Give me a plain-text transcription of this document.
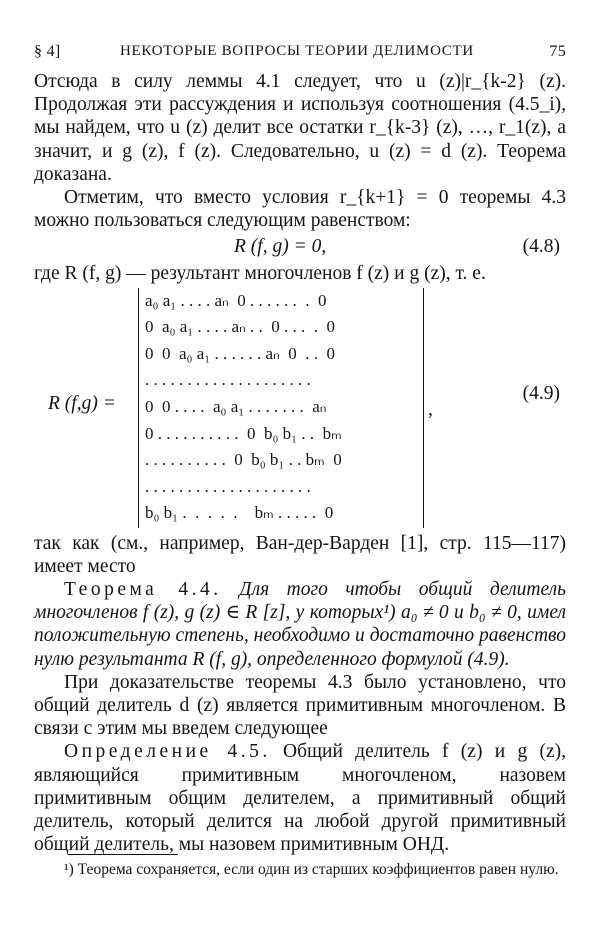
§ 4]	НЕКОТОРЫЕ ВОПРОСЫ ТЕОРИИ ДЕЛИМОСТИ	75

Отсюда в силу леммы 4.1 следует, что u (z)|r_{k-2} (z). Продолжая эти рассуждения и используя соотношения (4.5_i), мы найдем, что u (z) делит все остатки r_{k-3} (z), …, r_1(z), а значит, и g (z), f (z). Следовательно, u (z) = d (z). Теорема доказана.

Отметим, что вместо условия r_{k+1} = 0 теоремы 4.3 можно пользоваться следующим равенством:

R (f, g) = 0,	(4.8)

где R (f, g) — результант многочленов f (z) и g (z), т. е.

R (f,g) =
a₀ a₁ . . . . aₙ  0 . . . . . .  .  0
0  a₀ a₁ . . . . aₙ . .  0 . . .  .  0
0  0  a₀ a₁ . . . . . . aₙ  0  . .  0
. . . . . . . . . . . . . . . . . . . .
0  0 . . . .  a₀ a₁ . . . . . . .  aₙ
0 . . . . . . . . . .  0  b₀ b₁ . .  bₘ
. . . . . . . . . .  0  b₀ b₁ . . bₘ  0
. . . . . . . . . . . . . . . . . . . .
b₀ b₁ .  .  .  .  .    bₘ . . . . .  0
,
(4.9)

так как (см., например, Ван-дер-Варден [1], стр. 115—117) имеет место

Теорема 4.4. Для того чтобы общий делитель многочленов f (z), g (z) ∈ R [z], у которых¹) a₀ ≠ 0 и b₀ ≠ 0, имел положительную степень, необходимо и достаточно равенство нулю результанта R (f, g), определенного формулой (4.9).

При доказательстве теоремы 4.3 было установлено, что общий делитель d (z) является примитивным многочленом. В связи с этим мы введем следующее

Определение 4.5. Общий делитель f (z) и g (z), являющийся примитивным многочленом, назовем примитивным общим делителем, а примитивный общий делитель, который делится на любой другой примитивный общий делитель, мы назовем примитивным ОНД.

¹) Теорема сохраняется, если один из старших коэффициентов равен нулю.
